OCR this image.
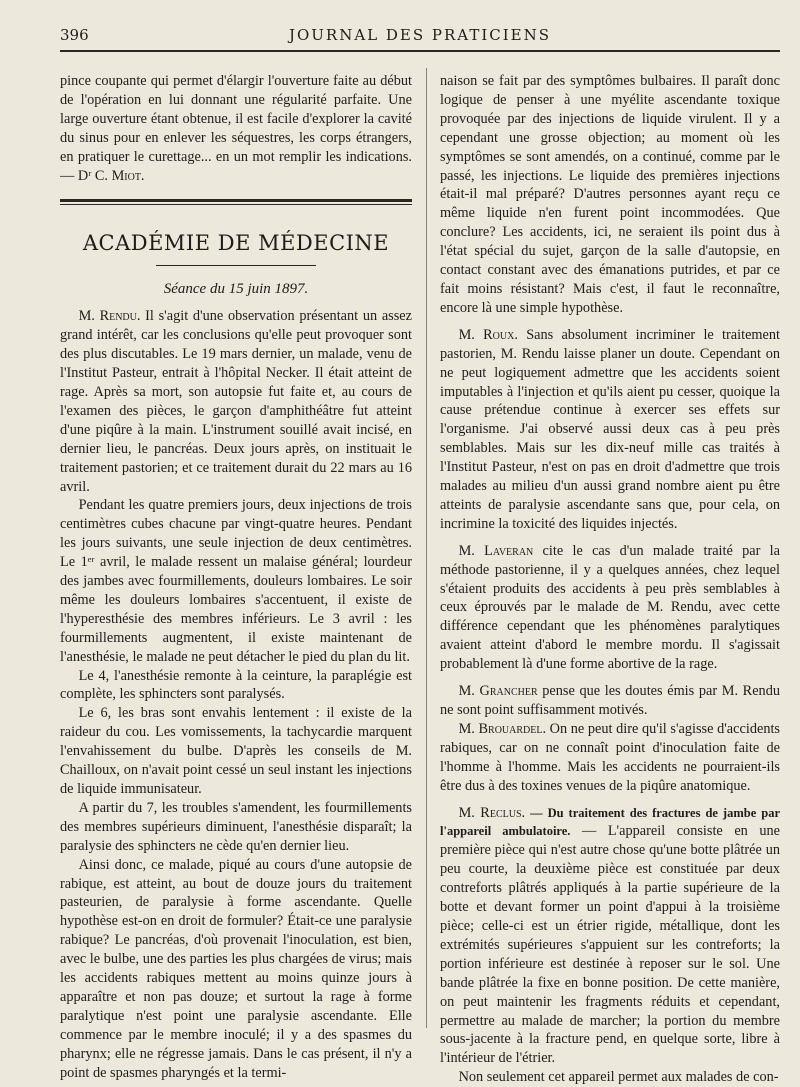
396	JOURNAL DES PRATICIENS

pince coupante qui permet d'élargir l'ouverture faite au début de l'opération en lui donnant une régularité parfaite. Une large ouverture étant obtenue, il est facile d'explorer la cavité du sinus pour en enlever les séquestres, les corps étrangers, en pratiquer le curettage... en un mot remplir les indications. — Dʳ C. Miot.

ACADÉMIE DE MÉDECINE
Séance du 15 juin 1897.

M. Rendu. Il s'agit d'une observation présentant un assez grand intérêt, car les conclusions qu'elle peut provoquer sont des plus discutables. Le 19 mars dernier, un malade, venu de l'Institut Pasteur, entrait à l'hôpital Necker. Il était atteint de rage. Après sa mort, son autopsie fut faite et, au cours de l'examen des pièces, le garçon d'amphithéâtre fut atteint d'une piqûre à la main. L'instrument souillé avait incisé, en dernier lieu, le pancréas. Deux jours après, on instituait le traitement pastorien; et ce traitement durait du 22 mars au 16 avril.

Pendant les quatre premiers jours, deux injections de trois centimètres cubes chacune par vingt-quatre heures. Pendant les jours suivants, une seule injection de deux centimètres. Le 1ᵉʳ avril, le malade ressent un malaise général; lourdeur des jambes avec fourmillements, douleurs lombaires. Le soir même les douleurs lombaires s'accentuent, il existe de l'hyperesthésie des membres inférieurs. Le 3 avril : les fourmillements augmentent, il existe maintenant de l'anesthésie, le malade ne peut détacher le pied du plan du lit.

Le 4, l'anesthésie remonte à la ceinture, la paraplégie est complète, les sphincters sont paralysés.

Le 6, les bras sont envahis lentement : il existe de la raideur du cou. Les vomissements, la tachycardie marquent l'envahissement du bulbe. D'après les conseils de M. Chailloux, on n'avait point cessé un seul instant les injections de liquide immunisateur.

A partir du 7, les troubles s'amendent, les fourmillements des membres supérieurs diminuent, l'anesthésie disparaît; la paralysie des sphincters ne cède qu'en dernier lieu.

Ainsi donc, ce malade, piqué au cours d'une autopsie de rabique, est atteint, au bout de douze jours du traitement pasteurien, de paralysie à forme ascendante. Quelle hypothèse est-on en droit de formuler? Était-ce une paralysie rabique? Le pancréas, d'où provenait l'inoculation, est bien, avec le bulbe, une des parties les plus chargées de virus; mais les accidents rabiques mettent au moins quinze jours à apparaître et non pas douze; et surtout la rage à forme paralytique n'est point une paralysie ascendante. Elle commence par le membre inoculé; il y a des spasmes du pharynx; elle ne régresse jamais. Dans le cas présent, il n'y a point de spasmes pharyngés et la termi-

naison se fait par des symptômes bulbaires. Il paraît donc logique de penser à une myélite ascendante toxique provoquée par des injections de liquide virulent. Il y a cependant une grosse objection; au moment où les symptômes se sont amendés, on a continué, comme par le passé, les injections. Le liquide des premières injections était-il mal préparé? D'autres personnes ayant reçu ce même liquide n'en furent point incommodées. Que conclure? Les accidents, ici, ne seraient ils point dus à l'état spécial du sujet, garçon de la salle d'autopsie, en contact constant avec des émanations putrides, et par ce fait moins résistant? Mais c'est, il faut le reconnaître, encore là une simple hypothèse.

M. Roux. Sans absolument incriminer le traitement pastorien, M. Rendu laisse planer un doute. Cependant on ne peut logiquement admettre que les accidents soient imputables à l'injection et qu'ils aient pu cesser, quoique la cause prétendue continue à exercer ses effets sur l'organisme. J'ai observé aussi deux cas à peu près semblables. Mais sur les dix-neuf mille cas traités à l'Institut Pasteur, n'est on pas en droit d'admettre que trois malades au milieu d'un aussi grand nombre aient pu être atteints de paralysie ascendante sans que, pour cela, on incrimine la toxicité des liquides injectés.

M. Laveran cite le cas d'un malade traité par la méthode pastorienne, il y a quelques années, chez lequel s'étaient produits des accidents à peu près semblables à ceux éprouvés par le malade de M. Rendu, avec cette différence cependant que les phénomènes paralytiques avaient atteint d'abord le membre mordu. Il s'agissait probablement là d'une forme abortive de la rage.

M. Grancher pense que les doutes émis par M. Rendu ne sont point suffisamment motivés.

M. Brouardel. On ne peut dire qu'il s'agisse d'accidents rabiques, car on ne connaît point d'inoculation faite de l'homme à l'homme. Mais les accidents ne pourraient-ils être dus à des toxines venues de la piqûre anatomique.

M. Reclus. — Du traitement des fractures de jambe par l'appareil ambulatoire. — L'appareil consiste en une première pièce qui n'est autre chose qu'une botte plâtrée un peu courte, la deuxième pièce est constituée par deux contreforts plâtrés appliqués à la partie supérieure de la botte et devant former un point d'appui à la troisième pièce; celle-ci est un étrier rigide, métallique, dont les extrémités supérieures s'appuient sur les contreforts; la portion inférieure est destinée à reposer sur le sol. Une bande plâtrée la fixe en bonne position. De cette manière, on peut maintenir les fragments réduits et cependant, permettre au malade de marcher; la portion du membre sous-jacente à la fracture pend, en quelque sorte, libre à l'intérieur de l'étrier.

Non seulement cet appareil permet aux malades de con-
